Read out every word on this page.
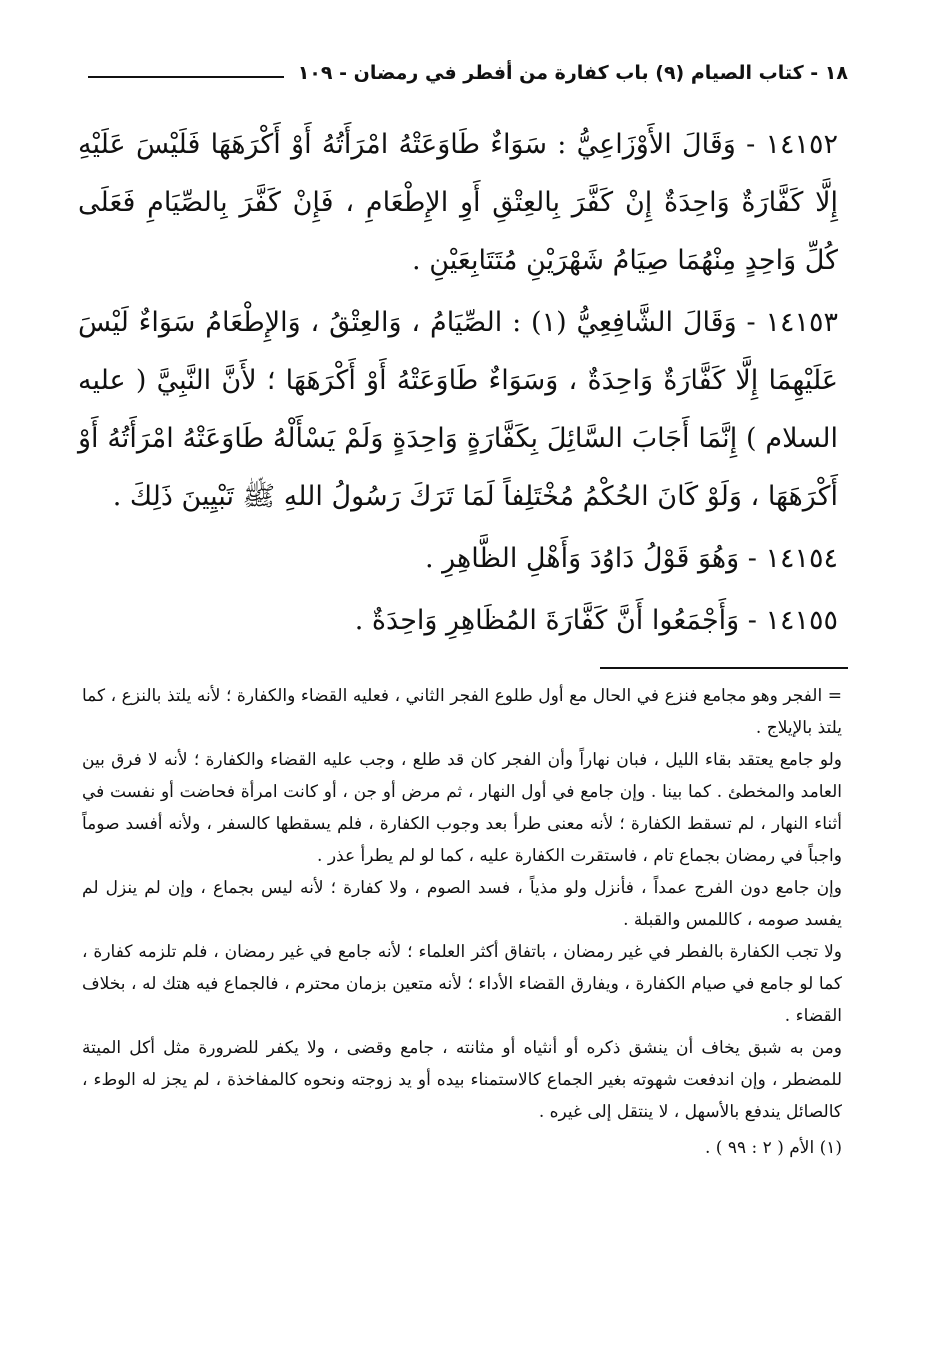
١٨ - كتاب الصيام (٩) باب كفارة من أفطر في رمضان - ١٠٩

١٤١٥٢ - وَقَالَ الأَوْزَاعِيُّ : سَوَاءٌ طَاوَعَتْهُ امْرَأَتُهُ أَوْ أَكْرَهَهَا فَلَيْسَ عَلَيْهِ إِلَّا كَفَّارَةٌ وَاحِدَةٌ إِنْ كَفَّرَ بِالعِتْقِ أَوِ الإِطْعَامِ ، فَإِنْ كَفَّرَ بِالصِّيَامِ فَعَلَى كُلِّ وَاحِدٍ مِنْهُمَا صِيَامُ شَهْرَيْنِ مُتَتَابِعَيْنِ .

١٤١٥٣ - وَقَالَ الشَّافِعِيُّ (١) : الصِّيَامُ ، وَالعِتْقُ ، وَالإِطْعَامُ سَوَاءٌ لَيْسَ عَلَيْهِمَا إِلَّا كَفَّارَةٌ وَاحِدَةٌ ، وَسَوَاءٌ طَاوَعَتْهُ أَوْ أَكْرَهَهَا ؛ لأَنَّ النَّبِيَّ ( عليه السلام ) إِنَّمَا أَجَابَ السَّائِلَ بِكَفَّارَةٍ وَاحِدَةٍ وَلَمْ يَسْأَلْهُ طَاوَعَتْهُ امْرَأَتُهُ أَوْ أَكْرَهَهَا ، وَلَوْ كَانَ الحُكْمُ مُخْتَلِفاً لَمَا تَرَكَ رَسُولُ اللهِ ﷺ تَبْيِينَ ذَلِكَ .

١٤١٥٤ - وَهُوَ قَوْلُ دَاوُدَ وَأَهْلِ الظَّاهِرِ .

١٤١٥٥ - وَأَجْمَعُوا أَنَّ كَفَّارَةَ المُظَاهِرِ وَاحِدَةٌ .

= الفجر وهو مجامع فنزع في الحال مع أول طلوع الفجر الثاني ، فعليه القضاء والكفارة ؛ لأنه يلتذ بالنزع ، كما يلتذ بالإيلاج .

ولو جامع يعتقد بقاء الليل ، فبان نهاراً وأن الفجر كان قد طلع ، وجب عليه القضاء والكفارة ؛ لأنه لا فرق بين العامد والمخطئ . كما بينا . وإن جامع في أول النهار ، ثم مرض أو جن ، أو كانت امرأة فحاضت أو نفست في أثناء النهار ، لم تسقط الكفارة ؛ لأنه معنى طرأ بعد وجوب الكفارة ، فلم يسقطها كالسفر ، ولأنه أفسد صوماً واجباً في رمضان بجماع تام ، فاستقرت الكفارة عليه ، كما لو لم يطرأ عذر .

وإن جامع دون الفرج عمداً ، فأنزل ولو مذياً ، فسد الصوم ، ولا كفارة ؛ لأنه ليس بجماع ، وإن لم ينزل لم يفسد صومه ، كاللمس والقبلة .

ولا تجب الكفارة بالفطر في غير رمضان ، باتفاق أكثر العلماء ؛ لأنه جامع في غير رمضان ، فلم تلزمه كفارة ، كما لو جامع في صيام الكفارة ، ويفارق القضاء الأداء ؛ لأنه متعين بزمان محترم ، فالجماع فيه هتك له ، بخلاف القضاء .

ومن به شبق يخاف أن ينشق ذكره أو أنثياه أو مثانته ، جامع وقضى ، ولا يكفر للضرورة مثل أكل الميتة للمضطر ، وإن اندفعت شهوته بغير الجماع كالاستمناء بيده أو يد زوجته ونحوه كالمفاخذة ، لم يجز له الوطء ، كالصائل يندفع بالأسهل ، لا ينتقل إلى غيره .

(١) الأم ( ٢ : ٩٩ ) .
